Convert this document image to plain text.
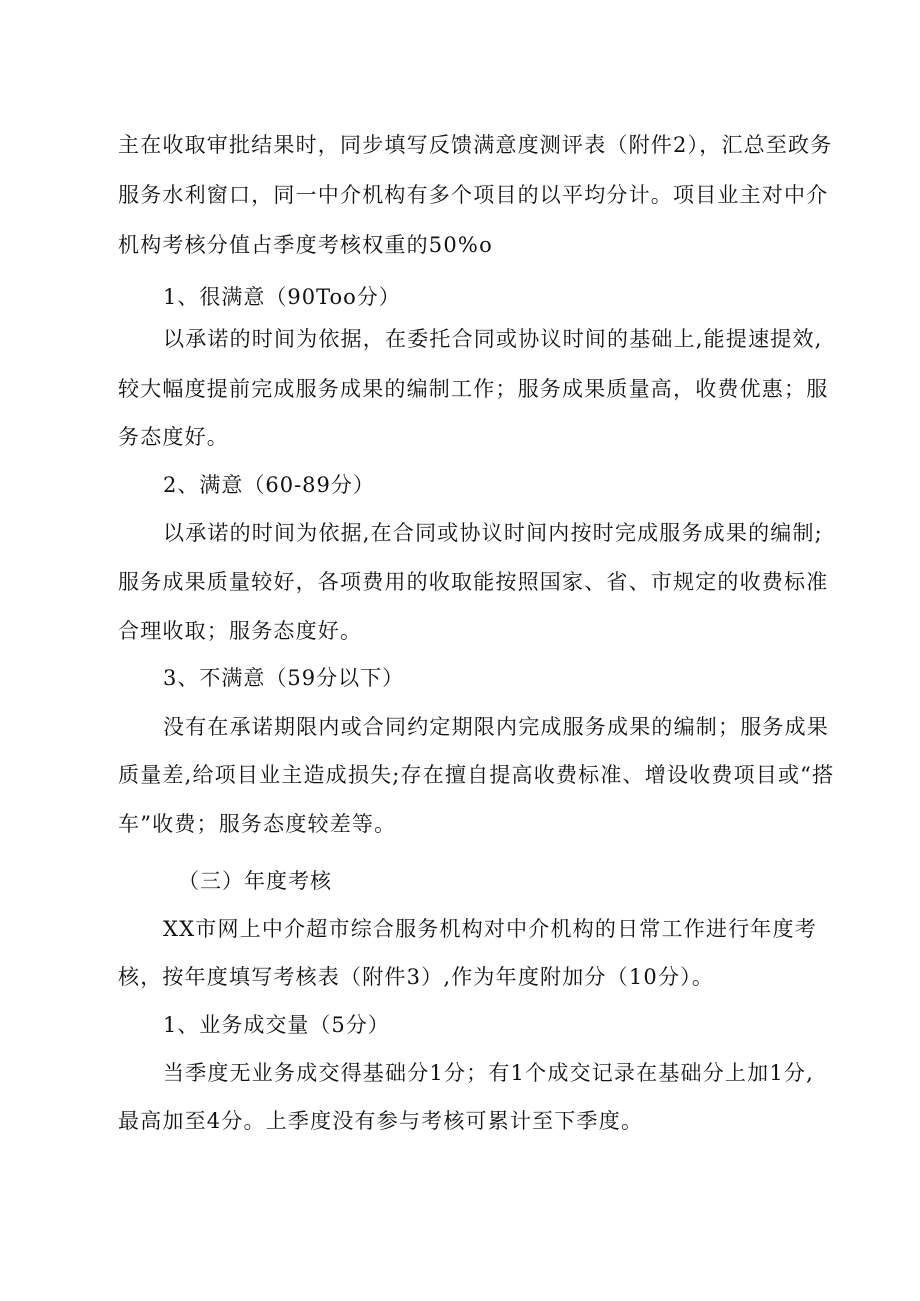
主在收取审批结果时，同步填写反馈满意度测评表（附件2），汇总至政务
服务水利窗口，同一中介机构有多个项目的以平均分计。项目业主对中介
机构考核分值占季度考核权重的50%o
1、很满意（90Too分）
以承诺的时间为依据，在委托合同或协议时间的基础上,能提速提效,
较大幅度提前完成服务成果的编制工作；服务成果质量高，收费优惠；服
务态度好。
2、满意（60-89分）
以承诺的时间为依据,在合同或协议时间内按时完成服务成果的编制;
服务成果质量较好，各项费用的收取能按照国家、省、市规定的收费标准
合理收取；服务态度好。
3、不满意（59分以下）
没有在承诺期限内或合同约定期限内完成服务成果的编制；服务成果
质量差,给项目业主造成损失;存在擅自提高收费标准、增设收费项目或“搭
车”收费；服务态度较差等。
（三）年度考核
XX市网上中介超市综合服务机构对中介机构的日常工作进行年度考
核，按年度填写考核表（附件3）,作为年度附加分（10分）。
1、业务成交量（5分）
当季度无业务成交得基础分1分；有1个成交记录在基础分上加1分,
最高加至4分。上季度没有参与考核可累计至下季度。
